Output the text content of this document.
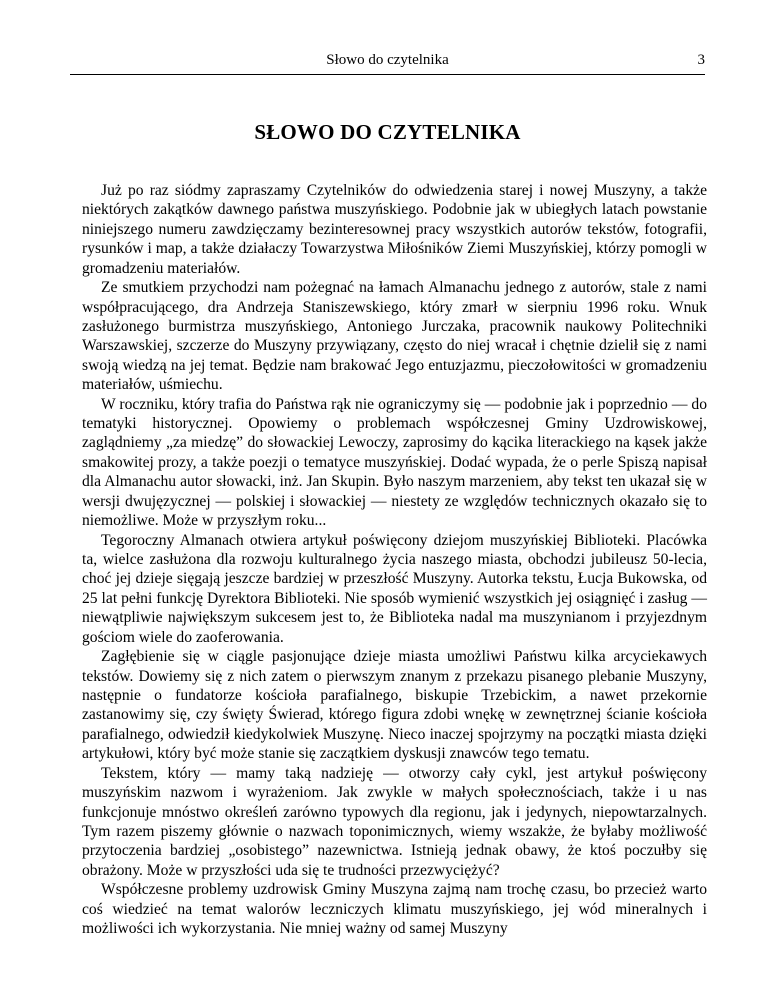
Słowo do czytelnika	3
SŁOWO DO CZYTELNIKA

Już po raz siódmy zapraszamy Czytelników do odwiedzenia starej i nowej Muszyny, a także niektórych zakątków dawnego państwa muszyńskiego. Podobnie jak w ubiegłych latach powstanie niniejszego numeru zawdzięczamy bezinteresownej pracy wszystkich autorów tekstów, fotografii, rysunków i map, a także działaczy Towarzystwa Miłośników Ziemi Muszyńskiej, którzy pomogli w gromadzeniu materiałów.

Ze smutkiem przychodzi nam pożegnać na łamach Almanachu jednego z autorów, stale z nami współpracującego, dra Andrzeja Staniszewskiego, który zmarł w sierpniu 1996 roku. Wnuk zasłużonego burmistrza muszyńskiego, Antoniego Jurczaka, pracownik naukowy Politechniki Warszawskiej, szczerze do Muszyny przywiązany, często do niej wracał i chętnie dzielił się z nami swoją wiedzą na jej temat. Będzie nam brakować Jego entuzjazmu, pieczołowitości w gromadzeniu materiałów, uśmiechu.

W roczniku, który trafia do Państwa rąk nie ograniczymy się — podobnie jak i poprzednio — do tematyki historycznej. Opowiemy o problemach współczesnej Gminy Uzdrowiskowej, zaglądniemy „za miedzę” do słowackiej Lewoczy, zaprosimy do kącika literackiego na kąsek jakże smakowitej prozy, a także poezji o tematyce muszyńskiej. Dodać wypada, że o perle Spiszą napisał dla Almanachu autor słowacki, inż. Jan Skupin. Było naszym marzeniem, aby tekst ten ukazał się w wersji dwujęzycznej — polskiej i słowackiej — niestety ze względów technicznych okazało się to niemożliwe. Może w przyszłym roku...

Tegoroczny Almanach otwiera artykuł poświęcony dziejom muszyńskiej Biblioteki. Placówka ta, wielce zasłużona dla rozwoju kulturalnego życia naszego miasta, obchodzi jubileusz 50-lecia, choć jej dzieje sięgają jeszcze bardziej w przeszłość Muszyny. Autorka tekstu, Łucja Bukowska, od 25 lat pełni funkcję Dyrektora Biblioteki. Nie sposób wymienić wszystkich jej osiągnięć i zasług — niewątpliwie największym sukcesem jest to, że Biblioteka nadal ma muszynianom i przyjezdnym gościom wiele do zaoferowania.

Zagłębienie się w ciągle pasjonujące dzieje miasta umożliwi Państwu kilka arcyciekawych tekstów. Dowiemy się z nich zatem o pierwszym znanym z przekazu pisanego plebanie Muszyny, następnie o fundatorze kościoła parafialnego, biskupie Trzebickim, a nawet przekornie zastanowimy się, czy święty Świerad, którego figura zdobi wnękę w zewnętrznej ścianie kościoła parafialnego, odwiedził kiedykolwiek Muszynę. Nieco inaczej spojrzymy na początki miasta dzięki artykułowi, który być może stanie się zaczątkiem dyskusji znawców tego tematu.

Tekstem, który — mamy taką nadzieję — otworzy cały cykl, jest artykuł poświęcony muszyńskim nazwom i wyrażeniom. Jak zwykle w małych społecznościach, także i u nas funkcjonuje mnóstwo określeń zarówno typowych dla regionu, jak i jedynych, niepowtarzalnych. Tym razem piszemy głównie o nazwach toponimicznych, wiemy wszakże, że byłaby możliwość przytoczenia bardziej „osobistego” nazewnictwa. Istnieją jednak obawy, że ktoś poczułby się obrażony. Może w przyszłości uda się te trudności przezwyciężyć?

Współczesne problemy uzdrowisk Gminy Muszyna zajmą nam trochę czasu, bo przecież warto coś wiedzieć na temat walorów leczniczych klimatu muszyńskiego, jej wód mineralnych i możliwości ich wykorzystania. Nie mniej ważny od samej Muszyny
